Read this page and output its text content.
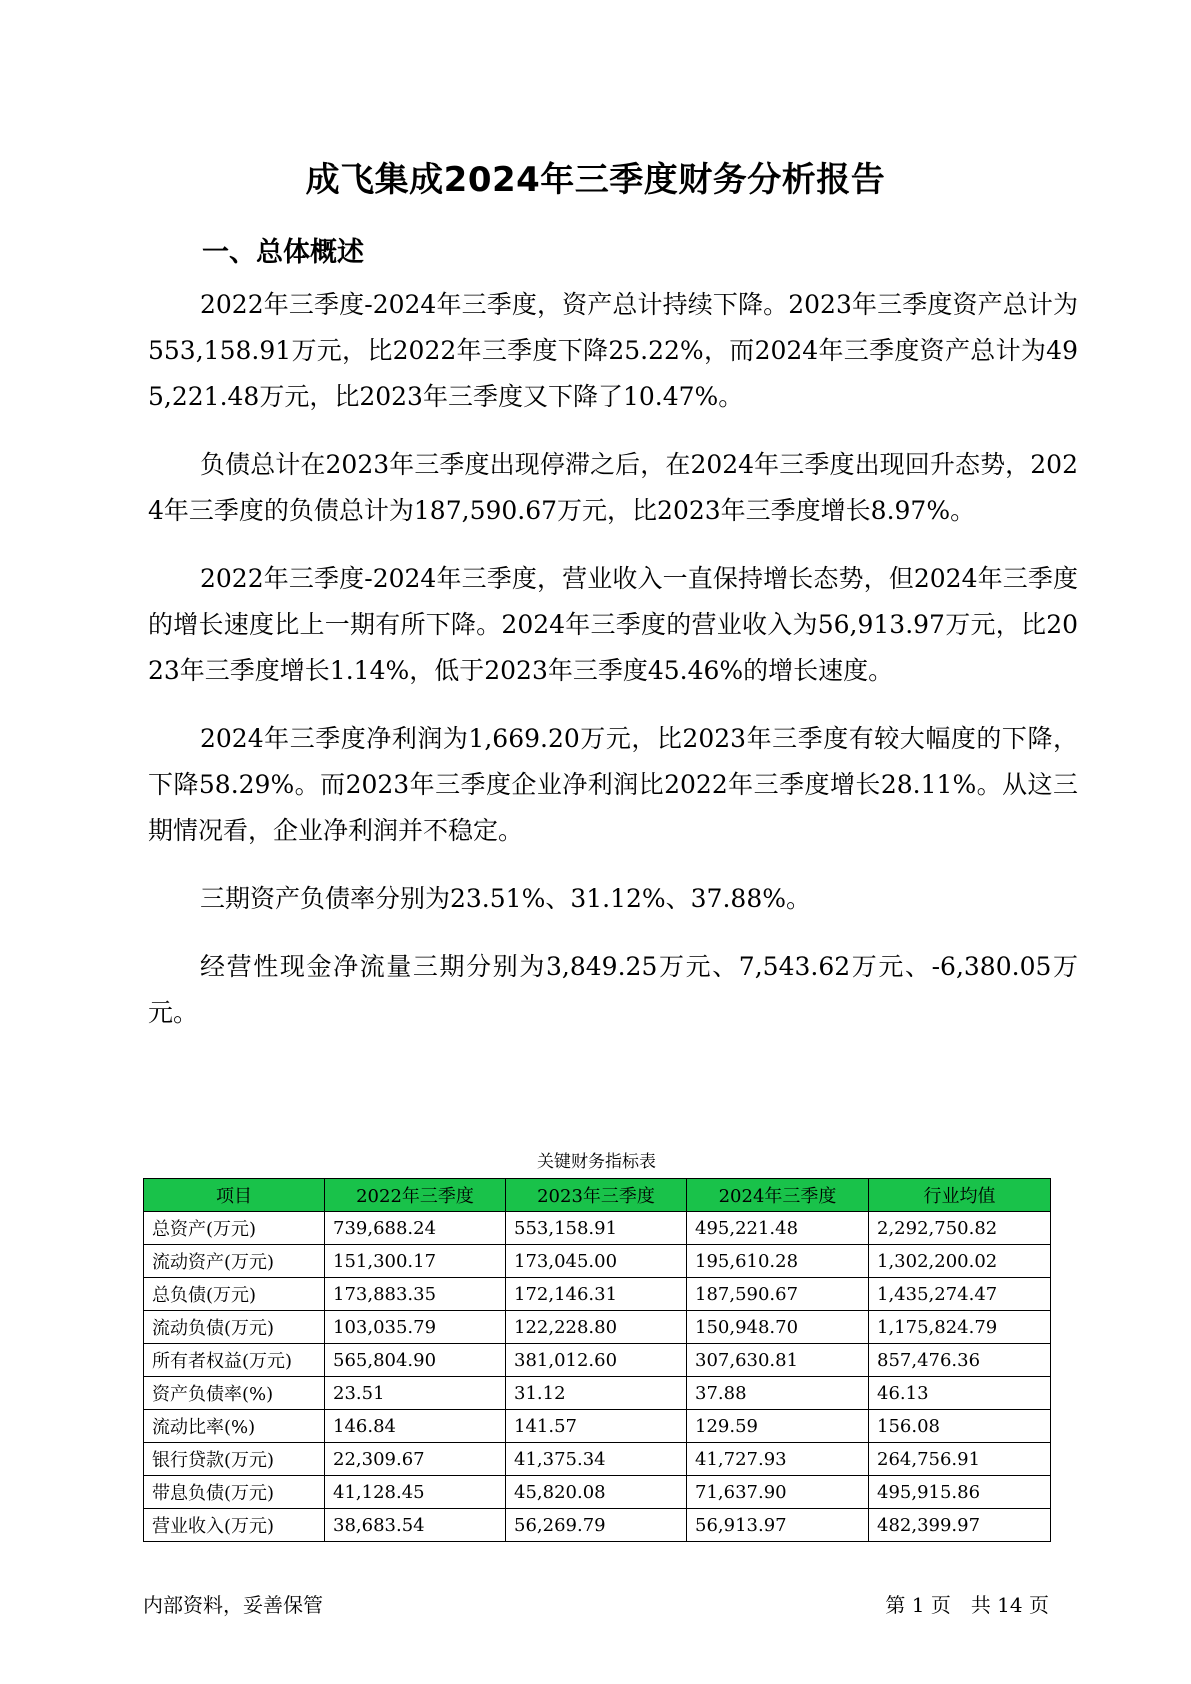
成飞集成2024年三季度财务分析报告
一、总体概述

2022年三季度-2024年三季度，资产总计持续下降。2023年三季度资产总计为553,158.91万元，比2022年三季度下降25.22%，而2024年三季度资产总计为495,221.48万元，比2023年三季度又下降了10.47%。

负债总计在2023年三季度出现停滞之后，在2024年三季度出现回升态势，2024年三季度的负债总计为187,590.67万元，比2023年三季度增长8.97%。

2022年三季度-2024年三季度，营业收入一直保持增长态势，但2024年三季度的增长速度比上一期有所下降。2024年三季度的营业收入为56,913.97万元，比2023年三季度增长1.14%，低于2023年三季度45.46%的增长速度。

2024年三季度净利润为1,669.20万元，比2023年三季度有较大幅度的下降，下降58.29%。而2023年三季度企业净利润比2022年三季度增长28.11%。从这三期情况看，企业净利润并不稳定。

三期资产负债率分别为23.51%、31.12%、37.88%。

经营性现金净流量三期分别为3,849.25万元、7,543.62万元、-6,380.05万元。

关键财务指标表
项目	2022年三季度	2023年三季度	2024年三季度	行业均值
总资产(万元)	739,688.24	553,158.91	495,221.48	2,292,750.82
流动资产(万元)	151,300.17	173,045.00	195,610.28	1,302,200.02
总负债(万元)	173,883.35	172,146.31	187,590.67	1,435,274.47
流动负债(万元)	103,035.79	122,228.80	150,948.70	1,175,824.79
所有者权益(万元)	565,804.90	381,012.60	307,630.81	857,476.36
资产负债率(%)	23.51	31.12	37.88	46.13
流动比率(%)	146.84	141.57	129.59	156.08
银行贷款(万元)	22,309.67	41,375.34	41,727.93	264,756.91
带息负债(万元)	41,128.45	45,820.08	71,637.90	495,915.86
营业收入(万元)	38,683.54	56,269.79	56,913.97	482,399.97
内部资料，妥善保管	第 1 页　共 14 页
